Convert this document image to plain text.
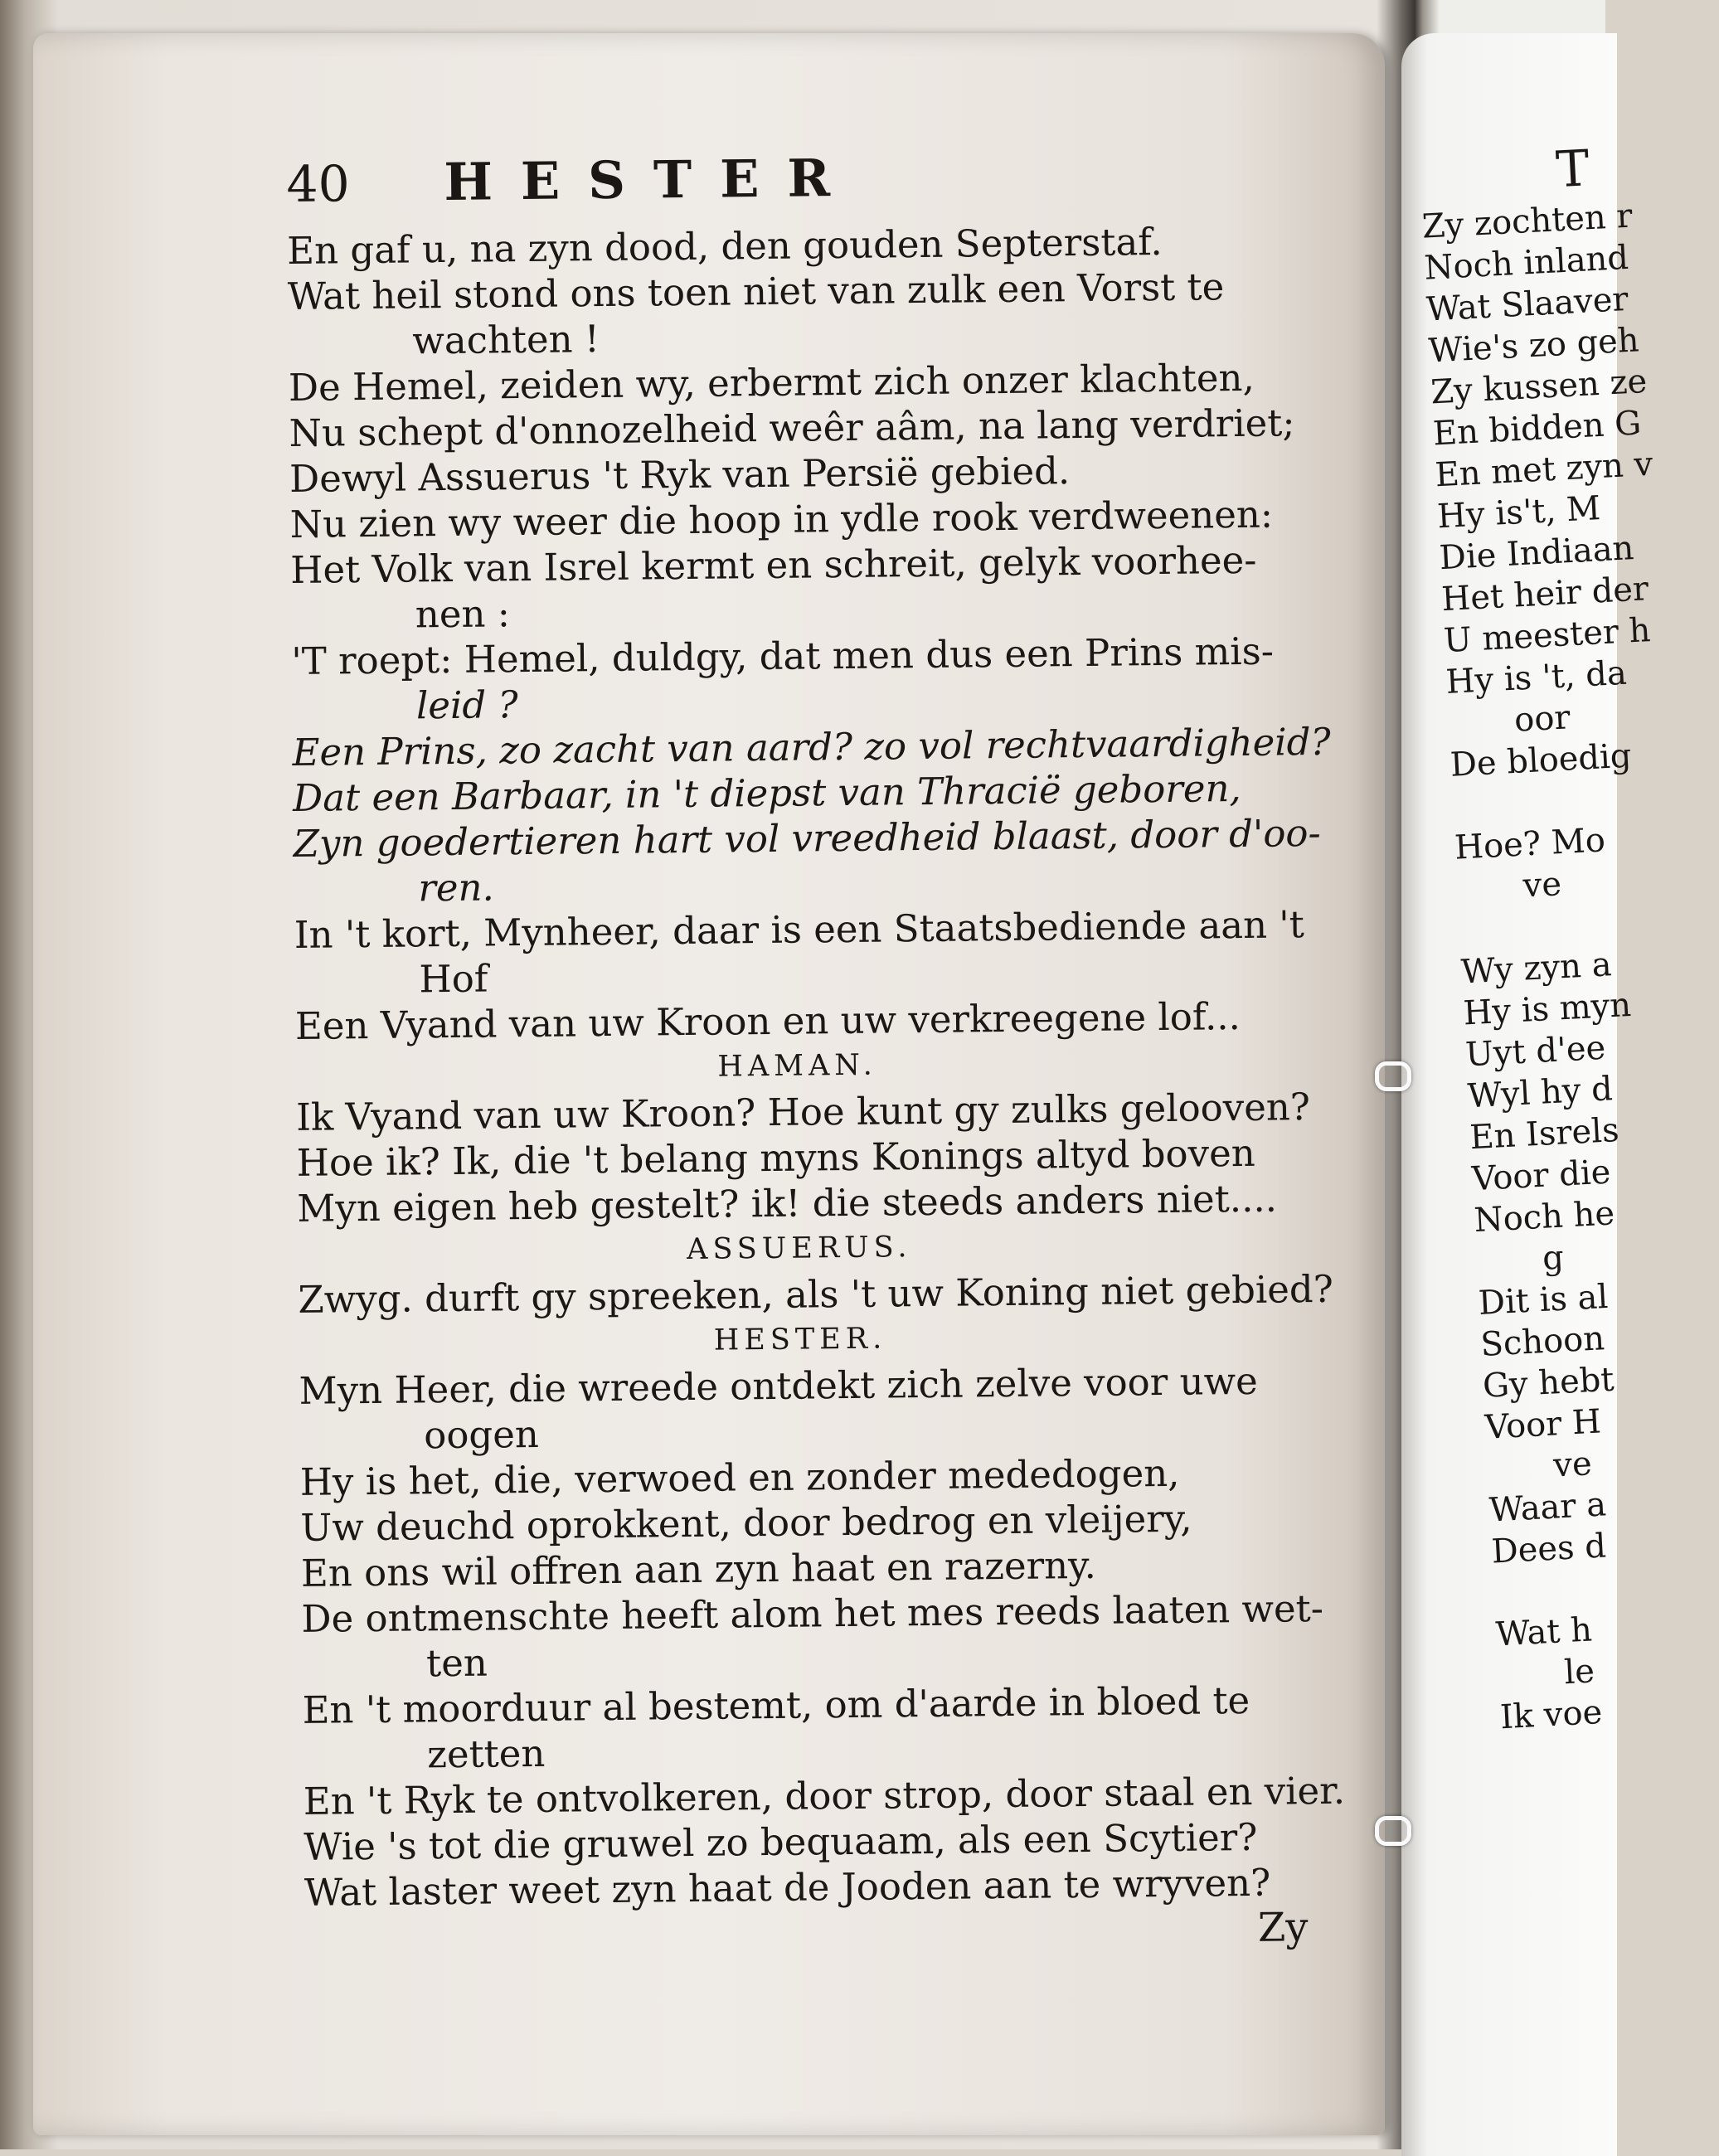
40	HESTER
En gaf u, na zyn dood, den gouden Septerstaf.
Wat heil stond ons toen niet van zulk een Vorst te
wachten !
De Hemel, zeiden wy, erbermt zich onzer klachten,
Nu schept d'onnozelheid weêr aâm, na lang verdriet;
Dewyl Assuerus 't Ryk van Persië gebied.
Nu zien wy weer die hoop in ydle rook verdweenen:
Het Volk van Isrel kermt en schreit, gelyk voorhee-
nen :
'T roept: Hemel, duldgy, dat men dus een Prins mis-
leid ?
Een Prins, zo zacht van aard? zo vol rechtvaardigheid?
Dat een Barbaar, in 't diepst van Thracië geboren,
Zyn goedertieren hart vol vreedheid blaast, door d'oo-
ren.
In 't kort, Mynheer, daar is een Staatsbediende aan 't
Hof
Een Vyand van uw Kroon en uw verkreegene lof...
HAMAN.
Ik Vyand van uw Kroon? Hoe kunt gy zulks gelooven?
Hoe ik? Ik, die 't belang myns Konings altyd boven
Myn eigen heb gestelt? ik! die steeds anders niet....
ASSUERUS.
Zwyg. durft gy spreeken, als 't uw Koning niet gebied?
HESTER.
Myn Heer, die wreede ontdekt zich zelve voor uwe
oogen
Hy is het, die, verwoed en zonder mededogen,
Uw deuchd oprokkent, door bedrog en vleijery,
En ons wil offren aan zyn haat en razerny.
De ontmenschte heeft alom het mes reeds laaten wet-
ten
En 't moorduur al bestemt, om d'aarde in bloed te
zetten
En 't Ryk te ontvolkeren, door strop, door staal en vier.
Wie 's tot die gruwel zo bequaam, als een Scytier?
Wat laster weet zyn haat de Jooden aan te wryven?
Zy
T
Zy zochten r
Noch inland
Wat Slaaver
Wie's zo geh
Zy kussen ze
En bidden G
En met zyn v
Hy is't, M
Die Indiaan
Het heir der
U meester h
Hy is 't, da
oor
De bloedig

Hoe? Mo
ve

Wy zyn a
Hy is myn
Uyt d'ee
Wyl hy d
En Isrels
Voor die
Noch he
g
Dit is al
Schoon
Gy hebt
Voor H
ve
Waar a
Dees d

Wat h
le
Ik voe
